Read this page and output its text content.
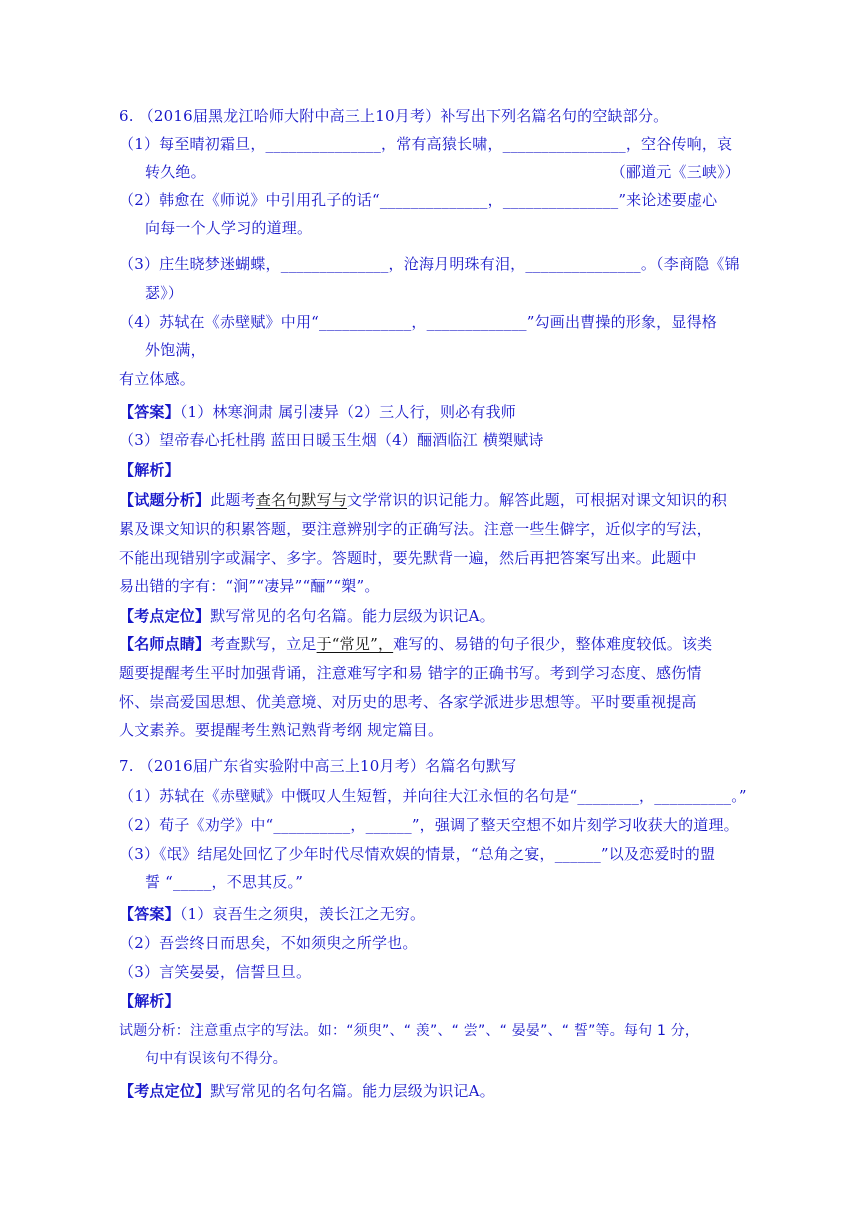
6. （2016届黑龙江哈师大附中高三上10月考）补写出下列名篇名句的空缺部分。
（1）每至晴初霜旦，_______________，常有高猿长啸，________________，空谷传响，哀
转久绝。	（郦道元《三峡》）
（2）韩愈在《师说》中引用孔子的话“______________，_______________”来论述要虚心
向每一个人学习的道理。
（3）庄生晓梦迷蝴蝶，______________，沧海月明珠有泪，_______________。（李商隐《锦
瑟》）
（4）苏轼在《赤壁赋》中用“____________，_____________”勾画出曹操的形象，显得格
外饱满，
有立体感。
【答案】（1）林寒涧肃 属引凄异（2）三人行，则必有我师
（3）望帝春心托杜鹃 蓝田日暖玉生烟（4）酾酒临江 横槊赋诗
【解析】
【试题分析】此题考查名句默写与文学常识的识记能力。解答此题，可根据对课文知识的积
累及课文知识的积累答题，要注意辨别字的正确写法。注意一些生僻字，近似字的写法，
不能出现错别字或漏字、多字。答题时，要先默背一遍，然后再把答案写出来。此题中
易出错的字有：“涧”“凄异”“酾”“槊”。
【考点定位】默写常见的名句名篇。能力层级为识记A。
【名师点睛】考查默写，立足于“常见”，难写的、易错的句子很少，整体难度较低。该类
题要提醒考生平时加强背诵，注意难写字和易 错字的正确书写。考到学习态度、感伤情
怀、崇高爱国思想、优美意境、对历史的思考、各家学派进步思想等。平时要重视提高
人文素养。要提醒考生熟记熟背考纲 规定篇目。
7. （2016届广东省实验附中高三上10月考）名篇名句默写
（1）苏轼在《赤壁赋》中慨叹人生短暂，并向往大江永恒的名句是“________，__________。”
（2）荀子《劝学》中“__________，______”，强调了整天空想不如片刻学习收获大的道理。
（3）《氓》结尾处回忆了少年时代尽情欢娱的情景，“总角之宴，______”以及恋爱时的盟
誓 “_____，不思其反。”
【答案】（1）哀吾生之须臾，羡长江之无穷。
（2）吾尝终日而思矣，不如须臾之所学也。
（3）言笑晏晏，信誓旦旦。
【解析】
试题分析：注意重点字的写法。如：“须臾”、“ 羡”、“ 尝”、“ 晏晏”、“ 誓”等。每句 1 分，
句中有误该句不得分。
【考点定位】默写常见的名句名篇。能力层级为识记A。
